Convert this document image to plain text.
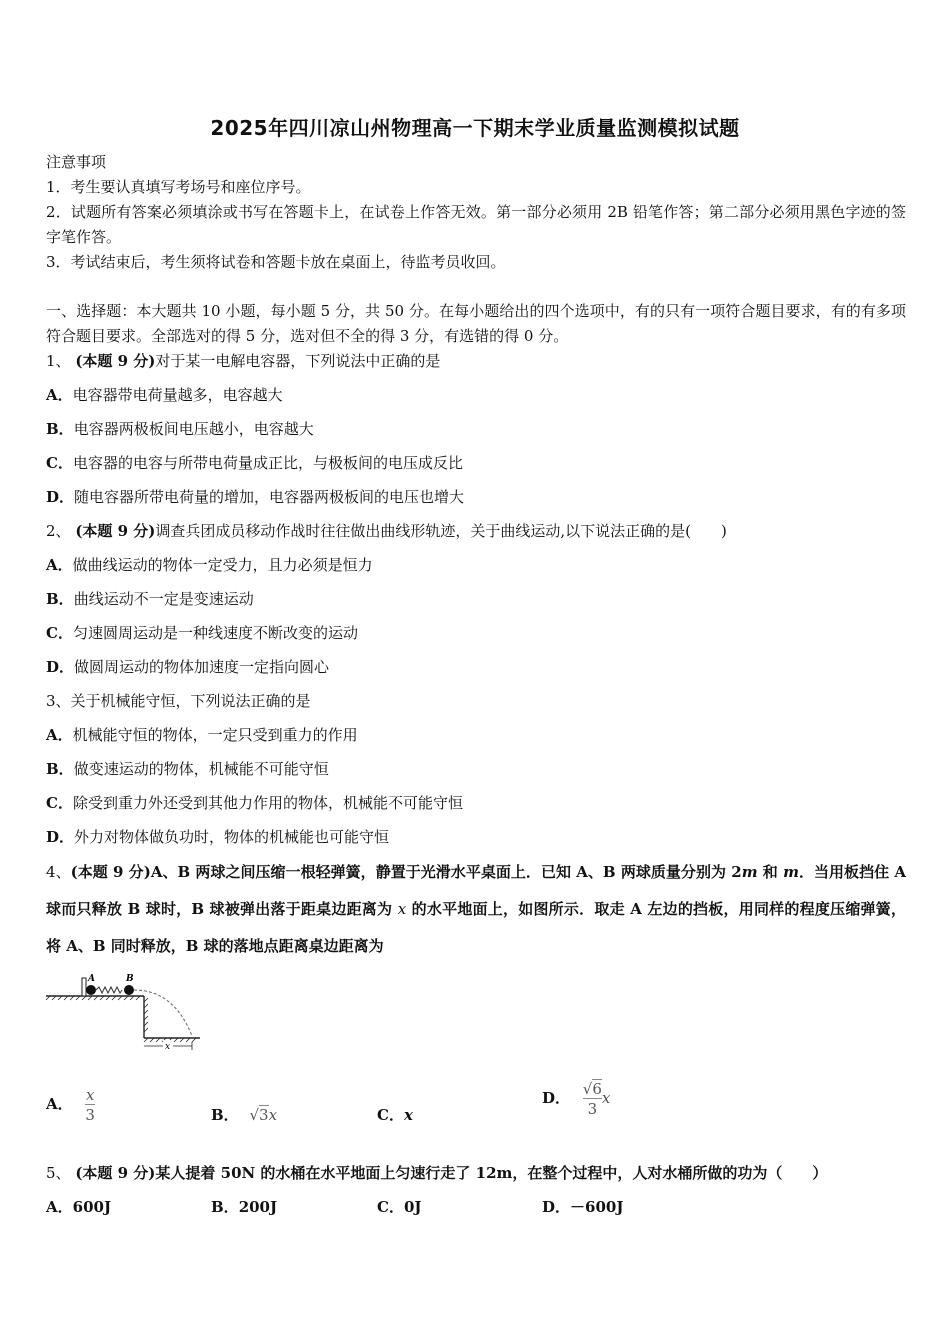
2025年四川凉山州物理高一下期末学业质量监测模拟试题
注意事项
1．考生要认真填写考场号和座位序号。
2．试题所有答案必须填涂或书写在答题卡上，在试卷上作答无效。第一部分必须用 2B 铅笔作答；第二部分必须用黑色字迹的签字笔作答。
3．考试结束后，考生须将试卷和答题卡放在桌面上，待监考员收回。
一、选择题：本大题共 10 小题，每小题 5 分，共 50 分。在每小题给出的四个选项中，有的只有一项符合题目要求，有的有多项符合题目要求。全部选对的得 5 分，选对但不全的得 3 分，有选错的得 0 分。
1、 (本题 9 分)对于某一电解电容器，下列说法中正确的是
A．电容器带电荷量越多，电容越大
B．电容器两极板间电压越小，电容越大
C．电容器的电容与所带电荷量成正比，与极板间的电压成反比
D．随电容器所带电荷量的增加，电容器两极板间的电压也增大
2、 (本题 9 分)调查兵团成员移动作战时往往做出曲线形轨迹，关于曲线运动,以下说法正确的是(　　)
A．做曲线运动的物体一定受力，且力必须是恒力
B．曲线运动不一定是变速运动
C．匀速圆周运动是一种线速度不断改变的运动
D．做圆周运动的物体加速度一定指向圆心
3、关于机械能守恒，下列说法正确的是
A．机械能守恒的物体，一定只受到重力的作用
B．做变速运动的物体，机械能不可能守恒
C．除受到重力外还受到其他力作用的物体，机械能不可能守恒
D．外力对物体做负功时，物体的机械能也可能守恒
4、(本题 9 分)A、B 两球之间压缩一根轻弹簧，静置于光滑水平桌面上．已知 A、B 两球质量分别为 2m 和 m．当用板挡住 A 球而只释放 B 球时，B 球被弹出落于距桌边距离为 x 的水平地面上，如图所示．取走 A 左边的挡板，用同样的程度压缩弹簧，将 A、B 同时释放，B 球的落地点距离桌边距离为
A	B
x
A． $\frac{x}{3}$	B． √3x	C．x
D． $\frac{√6}{3}$ x
5、 (本题 9 分)某人提着 50N 的水桶在水平地面上匀速行走了 12m，在整个过程中，人对水桶所做的功为（　　）
A．600J	B．200J	C．0J	D．－600J
